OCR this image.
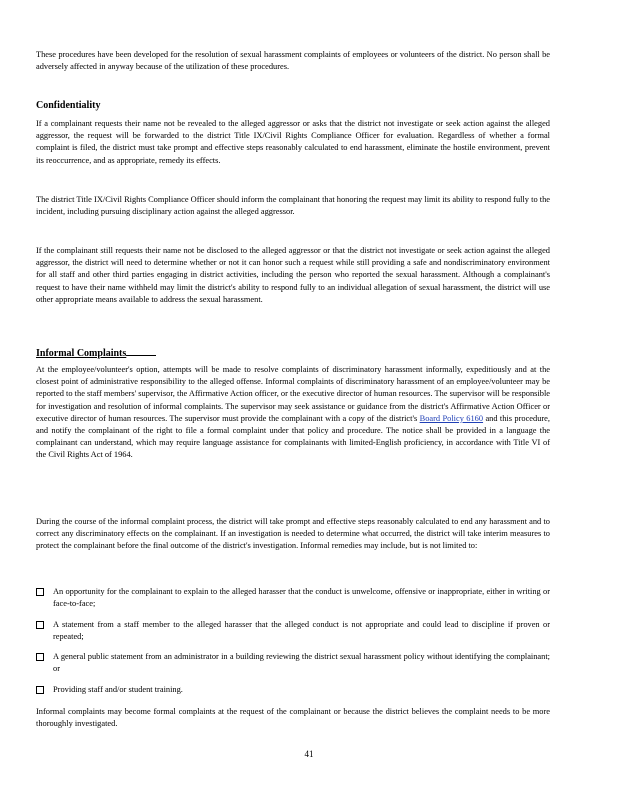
These procedures have been developed for the resolution of sexual harassment complaints of employees or volunteers of the district. No person shall be adversely affected in anyway because of the utilization of these procedures.

Confidentiality

If a complainant requests their name not be revealed to the alleged aggressor or asks that the district not investigate or seek action against the alleged aggressor, the request will be forwarded to the district Title IX/Civil Rights Compliance Officer for evaluation. Regardless of whether a formal complaint is filed, the district must take prompt and effective steps reasonably calculated to end harassment, eliminate the hostile environment, prevent its reoccurrence, and as appropriate, remedy its effects.

The district Title IX/Civil Rights Compliance Officer should inform the complainant that honoring the request may limit its ability to respond fully to the incident, including pursuing disciplinary action against the alleged aggressor.

If the complainant still requests their name not be disclosed to the alleged aggressor or that the district not investigate or seek action against the alleged aggressor, the district will need to determine whether or not it can honor such a request while still providing a safe and nondiscriminatory environment for all staff and other third parties engaging in district activities, including the person who reported the sexual harassment. Although a complainant's request to have their name withheld may limit the district's ability to respond fully to an individual allegation of sexual harassment, the district will use other appropriate means available to address the sexual harassment.

Informal Complaints

At the employee/volunteer's option, attempts will be made to resolve complaints of discriminatory harassment informally, expeditiously and at the closest point of administrative responsibility to the alleged offense. Informal complaints of discriminatory harassment of an employee/volunteer may be reported to the staff members' supervisor, the Affirmative Action officer, or the executive director of human resources. The supervisor will be responsible for investigation and resolution of informal complaints. The supervisor may seek assistance or guidance from the district's Affirmative Action Officer or executive director of human resources. The supervisor must provide the complainant with a copy of the district's Board Policy 6160 and this procedure, and notify the complainant of the right to file a formal complaint under that policy and procedure. The notice shall be provided in a language the complainant can understand, which may require language assistance for complainants with limited-English proficiency, in accordance with Title VI of the Civil Rights Act of 1964.

During the course of the informal complaint process, the district will take prompt and effective steps reasonably calculated to end any harassment and to correct any discriminatory effects on the complainant. If an investigation is needed to determine what occurred, the district will take interim measures to protect the complainant before the final outcome of the district's investigation. Informal remedies may include, but is not limited to:

An opportunity for the complainant to explain to the alleged harasser that the conduct is unwelcome, offensive or inappropriate, either in writing or face-to-face;

A statement from a staff member to the alleged harasser that the alleged conduct is not appropriate and could lead to discipline if proven or repeated;

A general public statement from an administrator in a building reviewing the district sexual harassment policy without identifying the complainant; or

Providing staff and/or student training.

Informal complaints may become formal complaints at the request of the complainant or because the district believes the complaint needs to be more thoroughly investigated.

41
